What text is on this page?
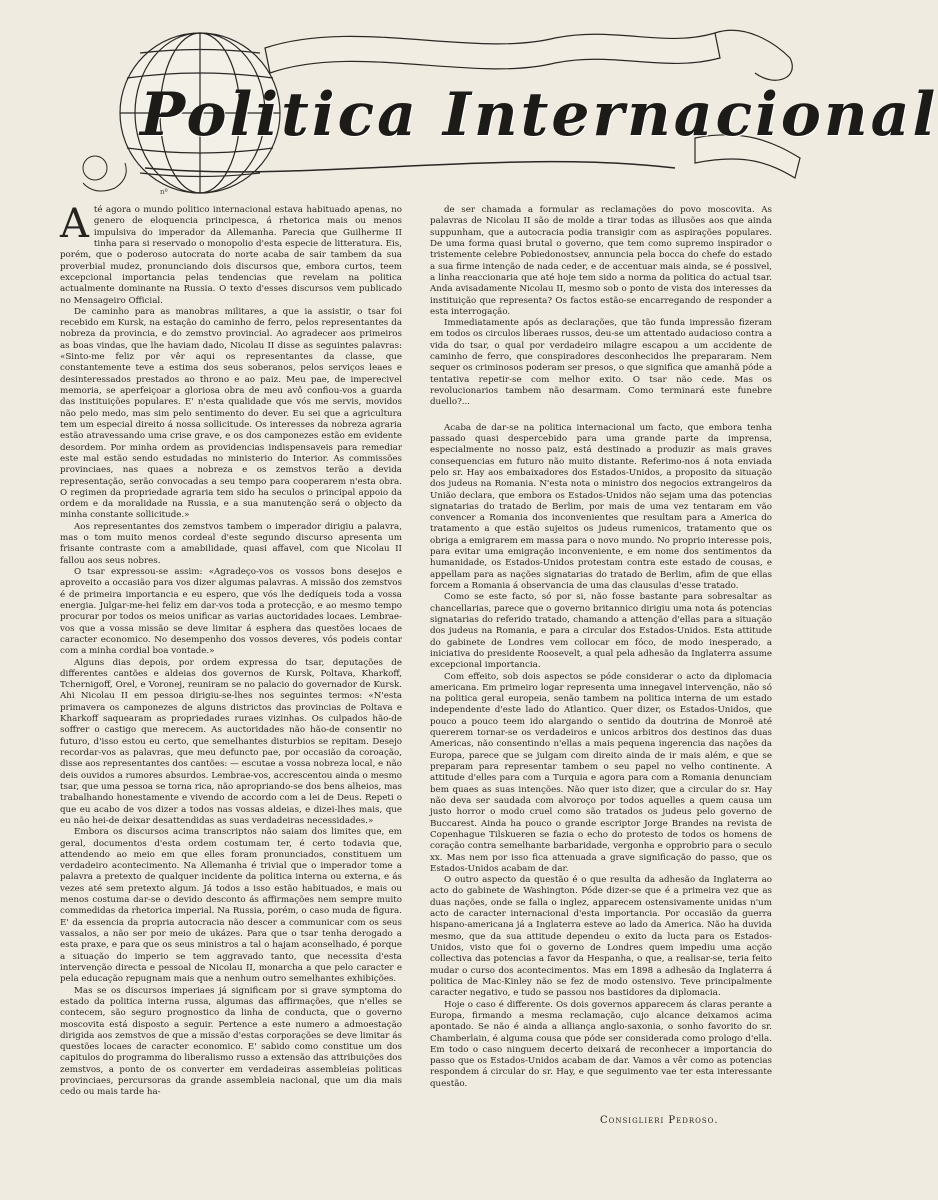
Politica Internacional
nº

Até agora o mundo politico internacional estava habituado apenas, no genero de eloquencia principesca, á rhetorica mais ou menos impulsiva do imperador da Allemanha. Parecia que Guilherme II tinha para si reservado o monopolio d'esta especie de litteratura. Eis, porém, que o poderoso autocrata do norte acaba de sair tambem da sua proverbial mudez, pronunciando dois discursos que, embora curtos, teem excepcional importancia pelas tendencias que revelam na politica actualmente dominante na Russia. O texto d'esses discursos vem publicado no Mensageiro Official.

De caminho para as manobras militares, a que ia assistir, o tsar foi recebido em Kursk, na estação do caminho de ferro, pelos representantes da nobreza da provincia, e do zemstvo provincial. Ao agradecer aos primeiros as boas vindas, que lhe haviam dado, Nicolau II disse as seguintes palavras: «Sinto-me feliz por vêr aqui os representantes da classe, que constantemente teve a estima dos seus soberanos, pelos serviços leaes e desinteressados prestados ao throno e ao paiz. Meu pae, de imperecivel memoria, se aperfeiçoar a gloriosa obra de meu avô confiou-vos a guarda das instituições populares. E' n'esta qualidade que vós me servis, movidos não pelo medo, mas sim pelo sentimento do dever. Eu sei que a agricultura tem um especial direito á nossa sollicitude. Os interesses da nobreza agraria estão atravessando uma crise grave, e os dos camponezes estão em evidente desordem. Por minha ordem as providencias indispensaveis para remediar este mal estão sendo estudadas no ministerio do Interior. As commissões provinciaes, nas quaes a nobreza e os zemstvos terão a devida representação, serão convocadas a seu tempo para cooperarem n'esta obra. O regimen da propriedade agraria tem sido ha seculos o principal appoio da ordem e da moralidade na Russia, e a sua manutenção será o objecto da minha constante sollicitude.»

Aos representantes dos zemstvos tambem o imperador dirigiu a palavra, mas o tom muito menos cordeal d'este segundo discurso apresenta um frisante contraste com a amabilidade, quasi affavel, com que Nicolau II fallou aos seus nobres.

O tsar expressou-se assim: «Agradeço-vos os vossos bons desejos e aproveito a occasião para vos dizer algumas palavras. A missão dos zemstvos é de primeira importancia e eu espero, que vós lhe dedíqueis toda a vossa energia. Julgar-me-hei feliz em dar-vos toda a protecção, e ao mesmo tempo procurar por todos os meios unificar as varias auctoridades locaes. Lembrae-vos que a vossa missão se deve limitar á esphera das questões locaes de caracter economico. No desempenho dos vossos deveres, vós podeis contar com a minha cordial boa vontade.»

Alguns dias depois, por ordem expressa do tsar, deputações de differentes cantões e aldeias dos governos de Kursk, Poltava, Kharkoff, Tchernigoff, Orel, e Voronej, reuniram se no palacio do governador de Kursk. Ahi Nicolau II em pessoa dirigiu-se-lhes nos seguintes termos: «N'esta primavera os camponezes de alguns districtos das provincias de Poltava e Kharkoff saquearam as propriedades ruraes vizinhas. Os culpados hão-de soffrer o castigo que merecem. As auctoridades não hão-de consentir no futuro, d'isso estou eu certo, que semelhantes disturbios se repitam. Desejo recordar-vos as palavras, que meu defuncto pae, por occasião da coroação, disse aos representantes dos cantões: — escutae a vossa nobreza local, e não deis ouvidos a rumores absurdos. Lembrae-vos, accrescentou ainda o mesmo tsar, que uma pessoa se torna rica, não apropriando-se dos bens alheios, mas trabalhando honestamente e vivendo de accordo com a lei de Deus. Repeti o que eu acabo de vos dizer a todos nas vossas aldeias, e dizei-lhes mais, que eu não hei-de deixar desattendidas as suas verdadeiras necessidades.»

Embora os discursos acima transcriptos não saiam dos limites que, em geral, documentos d'esta ordem costumam ter, é certo todavia que, attendendo ao meio em que elles foram pronunciados, constituem um verdadeiro acontecimento. Na Allemanha é trivial que o imperador tome a palavra a pretexto de qualquer incidente da politica interna ou externa, e ás vezes até sem pretexto algum. Já todos a isso estão habituados, e mais ou menos costuma dar-se o devido desconto ás affirmações nem sempre muito commedidas da rhetorica imperial. Na Russia, porém, o caso muda de figura. E' da essencia da propria autocracia não descer a communicar com os seus vassalos, a não ser por meio de ukázes. Para que o tsar tenha derogado a esta praxe, e para que os seus ministros a tal o hajam aconselhado, é porque a situação do imperio se tem aggravado tanto, que necessita d'esta intervenção directa e pessoal de Nicolau II, monarcha a que pelo caracter e pela educação repugnam mais que a nenhum outro semelhantes exhibições.

Mas se os discursos imperiaes já significam por si grave symptoma do estado da politica interna russa, algumas das affirmações, que n'elles se contecem, são seguro prognostico da linha de conducta, que o governo moscovita está disposto a seguir. Pertence a este numero a admoestação dirigida aos zemstvos de que a missão d'estas corporações se deve limitar ás questões locaes de caracter economico. E' sabido como constitue um dos capitulos do programma do liberalismo russo a extensão das attribuições dos zemstvos, a ponto de os converter em verdadeiras assembleias politicas provinciaes, percursoras da grande assembleia nacional, que um dia mais cedo ou mais tarde ha-

de ser chamada a formular as reclamações do povo moscovita. As palavras de Nicolau II são de molde a tirar todas as illusões aos que ainda suppunham, que a autocracia podia transigir com as aspirações populares. De uma forma quasi brutal o governo, que tem como supremo inspirador o tristemente celebre Pobiedonostsev, annuncia pela bocca do chefe do estado a sua firme intenção de nada ceder, e de accentuar mais ainda, se é possivel, a linha reaccionaria que até hoje tem sido a norma da politica do actual tsar. Anda avisadamente Nicolau II, mesmo sob o ponto de vista dos interesses da instituição que representa? Os factos estão-se encarregando de responder a esta interrogação.

Immediatamente após as declarações, que tão funda impressão fizeram em todos os circulos liberaes russos, deu-se um attentado audacioso contra a vida do tsar, o qual por verdadeiro milagre escapou a um accidente de caminho de ferro, que conspiradores desconhecidos lhe prepararam. Nem sequer os criminosos poderam ser presos, o que significa que amanhã póde a tentativa repetir-se com melhor exito. O tsar não cede. Mas os revolucionarios tambem não desarmam. Como terminará este funebre duello?...

Acaba de dar-se na politica internacional um facto, que embora tenha passado quasi despercebido para uma grande parte da imprensa, especialmente no nosso paiz, está destinado a produzir as mais graves consequencias em futuro não muito distante. Referimo-nos á nota enviada pelo sr. Hay aos embaixadores dos Estados-Unidos, a proposito da situação dos judeus na Romania. N'esta nota o ministro dos negocios extrangeiros da União declara, que embora os Estados-Unidos não sejam uma das potencias signatarias do tratado de Berlim, por mais de uma vez tentaram em vão convencer a Romania dos inconvenientes que resultam para a America do tratamento a que estão sujeitos os judeus rumenicos, tratamento que os obriga a emigrarem em massa para o novo mundo. No proprio interesse pois, para evitar uma emigração inconveniente, e em nome dos sentimentos da humanidade, os Estados-Unidos protestam contra este estado de cousas, e appellam para as nações signatarias do tratado de Berlim, afim de que ellas forcem a Romania á observancia de uma das clausulas d'esse tratado.

Como se este facto, só por si, não fosse bastante para sobresaltar as chancellarias, parece que o governo britannico dirigiu uma nota ás potencias signatarias do referido tratado, chamando a attenção d'ellas para a situação dos judeus na Romania, e para a circular dos Estados-Unidos. Esta attitude do gabinete de Londres vem collocar em fóco, de modo inesperado, a iniciativa do presidente Roosevelt, a qual pela adhesão da Inglaterra assume excepcional importancia.

Com effeito, sob dois aspectos se póde considerar o acto da diplomacia americana. Em primeiro logar representa uma innegavel intervenção, não só na politica geral europeia, senão tambem na politica interna de um estado independente d'este lado do Atlantico. Quer dizer, os Estados-Unidos, que pouco a pouco teem ido alargando o sentido da doutrina de Monroë até quererem tornar-se os verdadeiros e unicos arbitros dos destinos das duas Americas, não consentindo n'ellas a mais pequena ingerencia das nações da Europa, parece que se julgam com direito ainda de ir mais além, e que se preparam para representar tambem o seu papel no velho continente. A attitude d'elles para com a Turquia e agora para com a Romania denunciam bem quaes as suas intenções. Não quer isto dizer, que a circular do sr. Hay não deva ser saudada com alvoroço por todos aquelles a quem causa um justo horror o modo cruel como são tratados os judeus pelo governo de Buccarest. Ainda ha pouco o grande escriptor Jorge Brandes na revista de Copenhague Tilskueren se fazia o echo do protesto de todos os homens de coração contra semelhante barbaridade, vergonha e opprobrio para o seculo xx. Mas nem por isso fica attenuada a grave significação do passo, que os Estados-Unidos acabam de dar.

O outro aspecto da questão é o que resulta da adhesão da Inglaterra ao acto do gabinete de Washington. Póde dizer-se que é a primeira vez que as duas nações, onde se falla o inglez, apparecem ostensivamente unidas n'um acto de caracter internacional d'esta importancia. Por occasião da guerra hispano-americana já a Inglaterra esteve ao lado da America. Não ha duvida mesmo, que da sua attitude dependeu o exito da lucta para os Estados-Unidos, visto que foi o governo de Londres quem impediu uma acção collectiva das potencias a favor da Hespanha, o que, a realisar-se, teria feito mudar o curso dos acontecimentos. Mas em 1898 a adhesão da Inglaterra á politica de Mac-Kinley não se fez de modo ostensivo. Teve principalmente caracter negativo, e tudo se passou nos bastidores da diplomacia.

Hoje o caso é differente. Os dois governos apparecem ás claras perante a Europa, firmando a mesma reclamação, cujo alcance deixamos acima apontado. Se não é ainda a alliança anglo-saxonia, o sonho favorito do sr. Chamberlain, é alguma cousa que póde ser considerada como prologo d'ella. Em todo o caso ninguem decerto deixará de reconhecer a importancia do passo que os Estados-Unidos acabam de dar. Vamos a vêr como as potencias respondem á circular do sr. Hay, e que seguimento vae ter esta interessante questão.

Consiglieri Pedroso.
